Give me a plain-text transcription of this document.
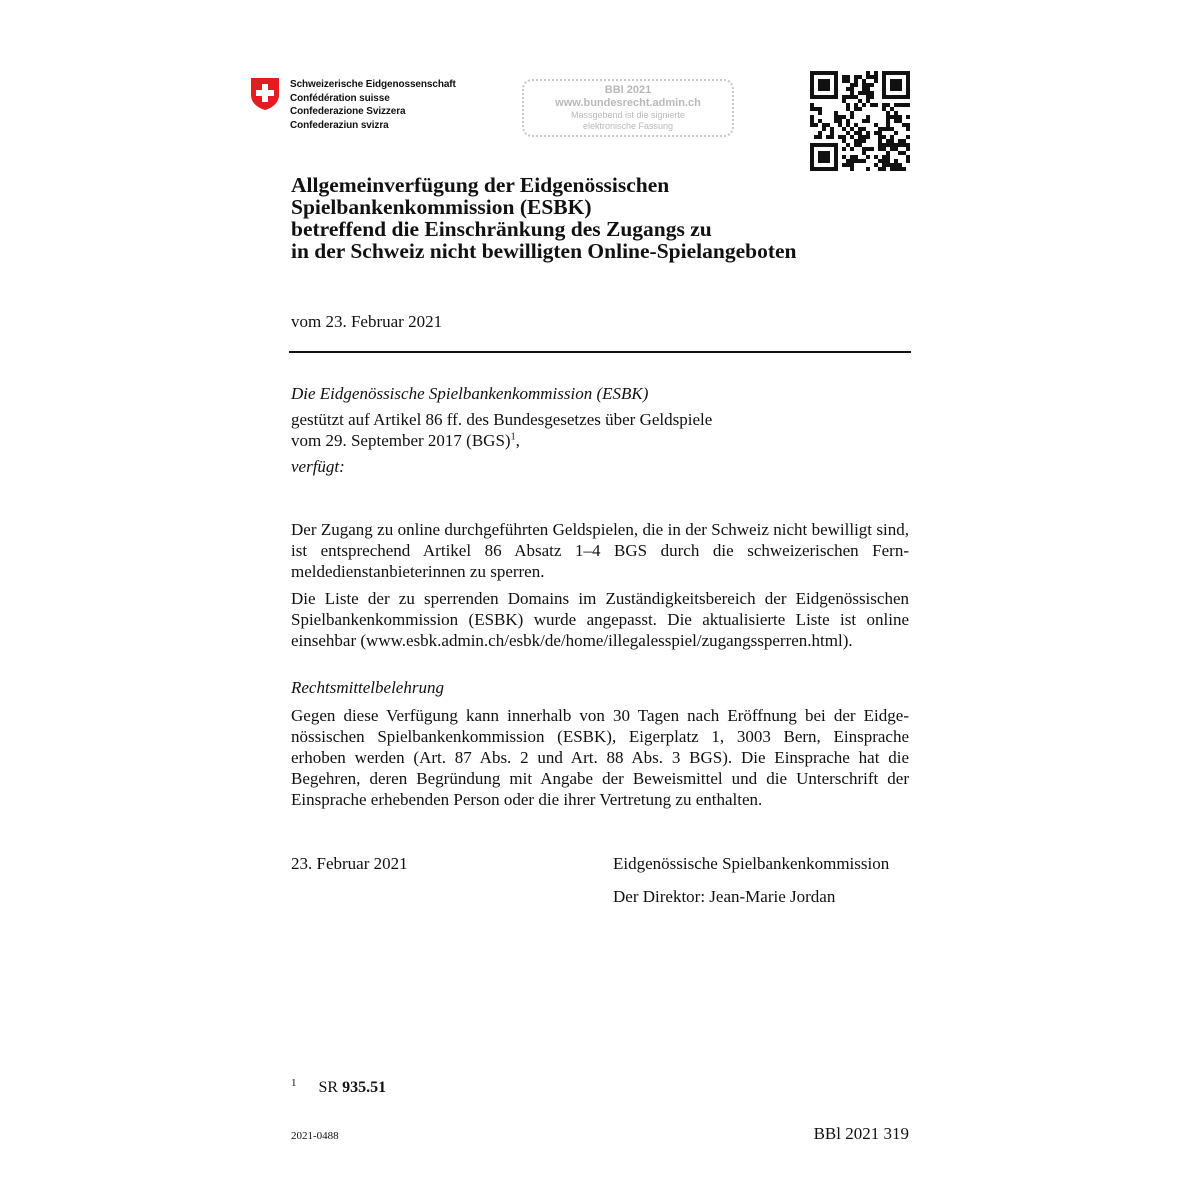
Schweizerische Eidgenossenschaft
Confédération suisse
Confederazione Svizzera
Confederaziun svizra
BBl 2021
www.bundesrecht.admin.ch
Massgebend ist die signierte
elektronische Fassung
Allgemeinverfügung der Eidgenössischen
Spielbankenkommission (ESBK)
betreffend die Einschränkung des Zugangs zu
in der Schweiz nicht bewilligten Online-Spielangeboten
vom 23. Februar 2021
Die Eidgenössische Spielbankenkommission (ESBK)
gestützt auf Artikel 86 ff. des Bundesgesetzes über Geldspiele
vom 29. September 2017 (BGS)$^1$,
verfügt:
Der Zugang zu online durchgeführten Geldspielen, die in der Schweiz nicht bewilligt sind, ist entsprechend Artikel 86 Absatz 1–4 BGS durch die schweizerischen Fernmeldedienstanbieterinnen zu sperren.
Die Liste der zu sperrenden Domains im Zuständigkeitsbereich der Eidgenössischen Spielbankenkommission (ESBK) wurde angepasst. Die aktualisierte Liste ist online einsehbar (www.esbk.admin.ch/esbk/de/home/illegalesspiel/zugangssperren.html).
Rechtsmittelbelehrung
Gegen diese Verfügung kann innerhalb von 30 Tagen nach Eröffnung bei der Eidgenössischen Spielbankenkommission (ESBK), Eigerplatz 1, 3003 Bern, Einsprache erhoben werden (Art. 87 Abs. 2 und Art. 88 Abs. 3 BGS). Die Einsprache hat die Begehren, deren Begründung mit Angabe der Beweismittel und die Unterschrift der Einsprache erhebenden Person oder die ihrer Vertretung zu enthalten.
23. Februar 2021	Eidgenössische Spielbankenkommission
Der Direktor: Jean-Marie Jordan
$^1$ SR 935.51
2021-0488	BBl 2021 319
